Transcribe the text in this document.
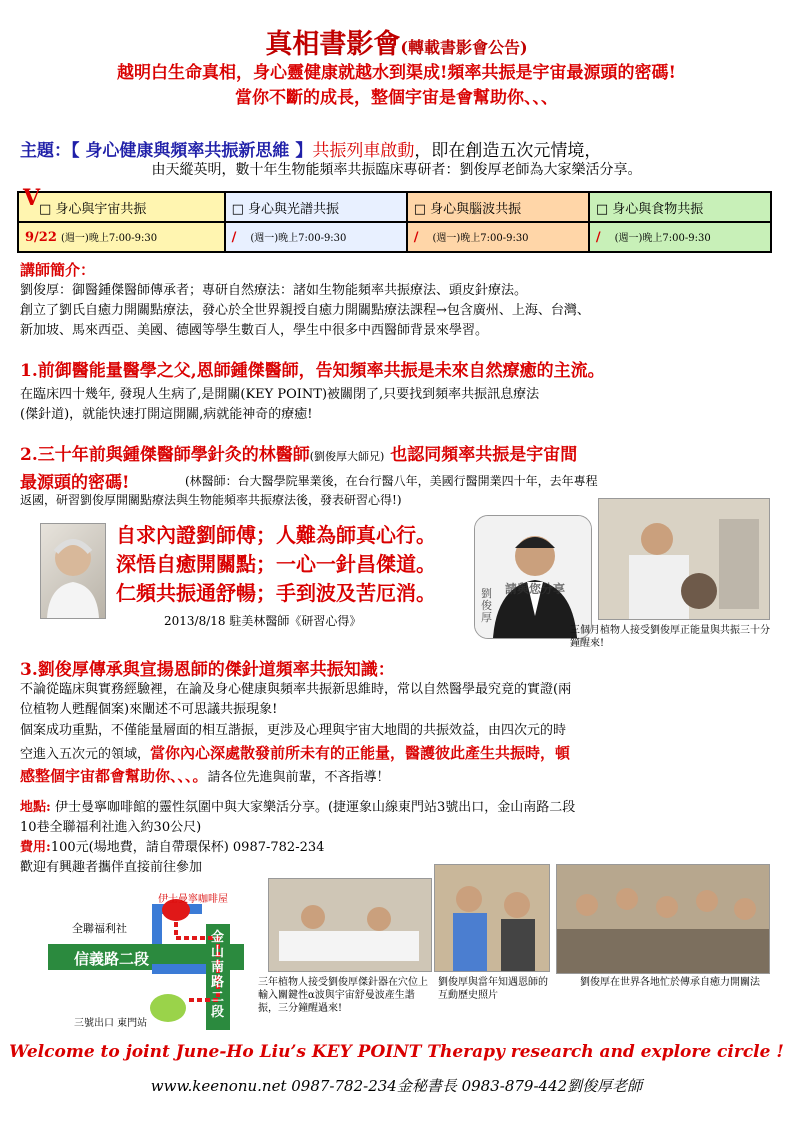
真相書影會(轉載書影會公告)
越明白生命真相，身心靈健康就越水到渠成!頻率共振是宇宙最源頭的密碼!
當你不斷的成長，整個宇宙是會幫助你、、、
主題：【 身心健康與頻率共振新思維 】共振列車啟動，即在創造五次元情境，
由天縱英明，數十年生物能頻率共振臨床專研者：劉俊厚老師為大家樂活分享。
V
□ 身心與宇宙共振	□ 身心與光譜共振	□ 身心與腦波共振	□ 身心與食物共振
9/22 (週一)晚上7:00-9:30	/ (週一)晚上7:00-9:30	/ (週一)晚上7:00-9:30	/ (週一)晚上7:00-9:30
講師簡介：
劉俊厚：御醫鍾傑醫師傳承者；專研自然療法：諸如生物能頻率共振療法、頭皮針療法。
創立了劉氏自癒力開關點療法，發心於全世界親授自癒力開關點療法課程→包含廣州、上海、台灣、
新加坡、馬來西亞、美國、德國等學生數百人，學生中很多中西醫師背景來學習。
1.前御醫能量醫學之父,恩師鍾傑醫師，告知頻率共振是未來自然療癒的主流。
在臨床四十幾年, 發現人生病了,是開關(KEY POINT)被關閉了,只要找到頻率共振訊息療法
(傑針道)，就能快速打開這開關,病就能神奇的療癒!
2.三十年前與鍾傑醫師學針灸的林醫師(劉俊厚大師兄) 也認同頻率共振是宇宙間
最源頭的密碼!	(林醫師：台大醫學院畢業後，在台行醫八年，美國行醫開業四十年，去年專程
返國，研習劉俊厚開關點療法與生物能頻率共振療法後，發表研習心得!)
自求內證劉師傅；人難為師真心行。
深悟自癒開關點；一心一針昌傑道。
仁頻共振通舒暢；手到波及苦厄消。
2013/8/18 駐美林醫師《研習心得》
請與您分享
劉俊厚
三個月植物人接受劉俊厚正能量與共振三十分鐘醒來!
3.劉俊厚傳承與宣揚恩師的傑針道頻率共振知識：
不論從臨床與實務經驗裡，在論及身心健康與頻率共振新思維時，常以自然醫學最究竟的實證(兩
位植物人甦醒個案)來闡述不可思議共振現象!
個案成功重點，不僅能量層面的相互諧振，更涉及心理與宇宙大地間的共振效益，由四次元的時
空進入五次元的領域，當你內心深處散發前所未有的正能量，醫護彼此產生共振時，頓
感整個宇宙都會幫助你、、、。請各位先進與前輩，不吝指導！
地點: 伊士曼寧咖啡館的靈性氛圍中與大家樂活分享。(捷運象山線東門站3號出口，金山南路二段
10巷全聯福利社進入約30公尺)
費用:100元(場地費，請自帶環保杯) 0987-782-234
歡迎有興趣者攜伴直接前往參加
伊士曼寧咖啡屋
全聯福利社
信義路二段
金山南路二段
三號出口 東門站
三年植物人接受劉俊厚傑針器在穴位上輸入關鍵性α波與宇宙舒曼波產生諧振，三分鐘醒過來!
劉俊厚與當年知遇恩師的互動歷史照片
劉俊厚在世界各地忙於傳承自癒力開關法
Welcome to joint June-Ho Liu’s KEY POINT Therapy research and explore circle !
www.keenonu.net 0987-782-234金秘書長 0983-879-442劉俊厚老師
